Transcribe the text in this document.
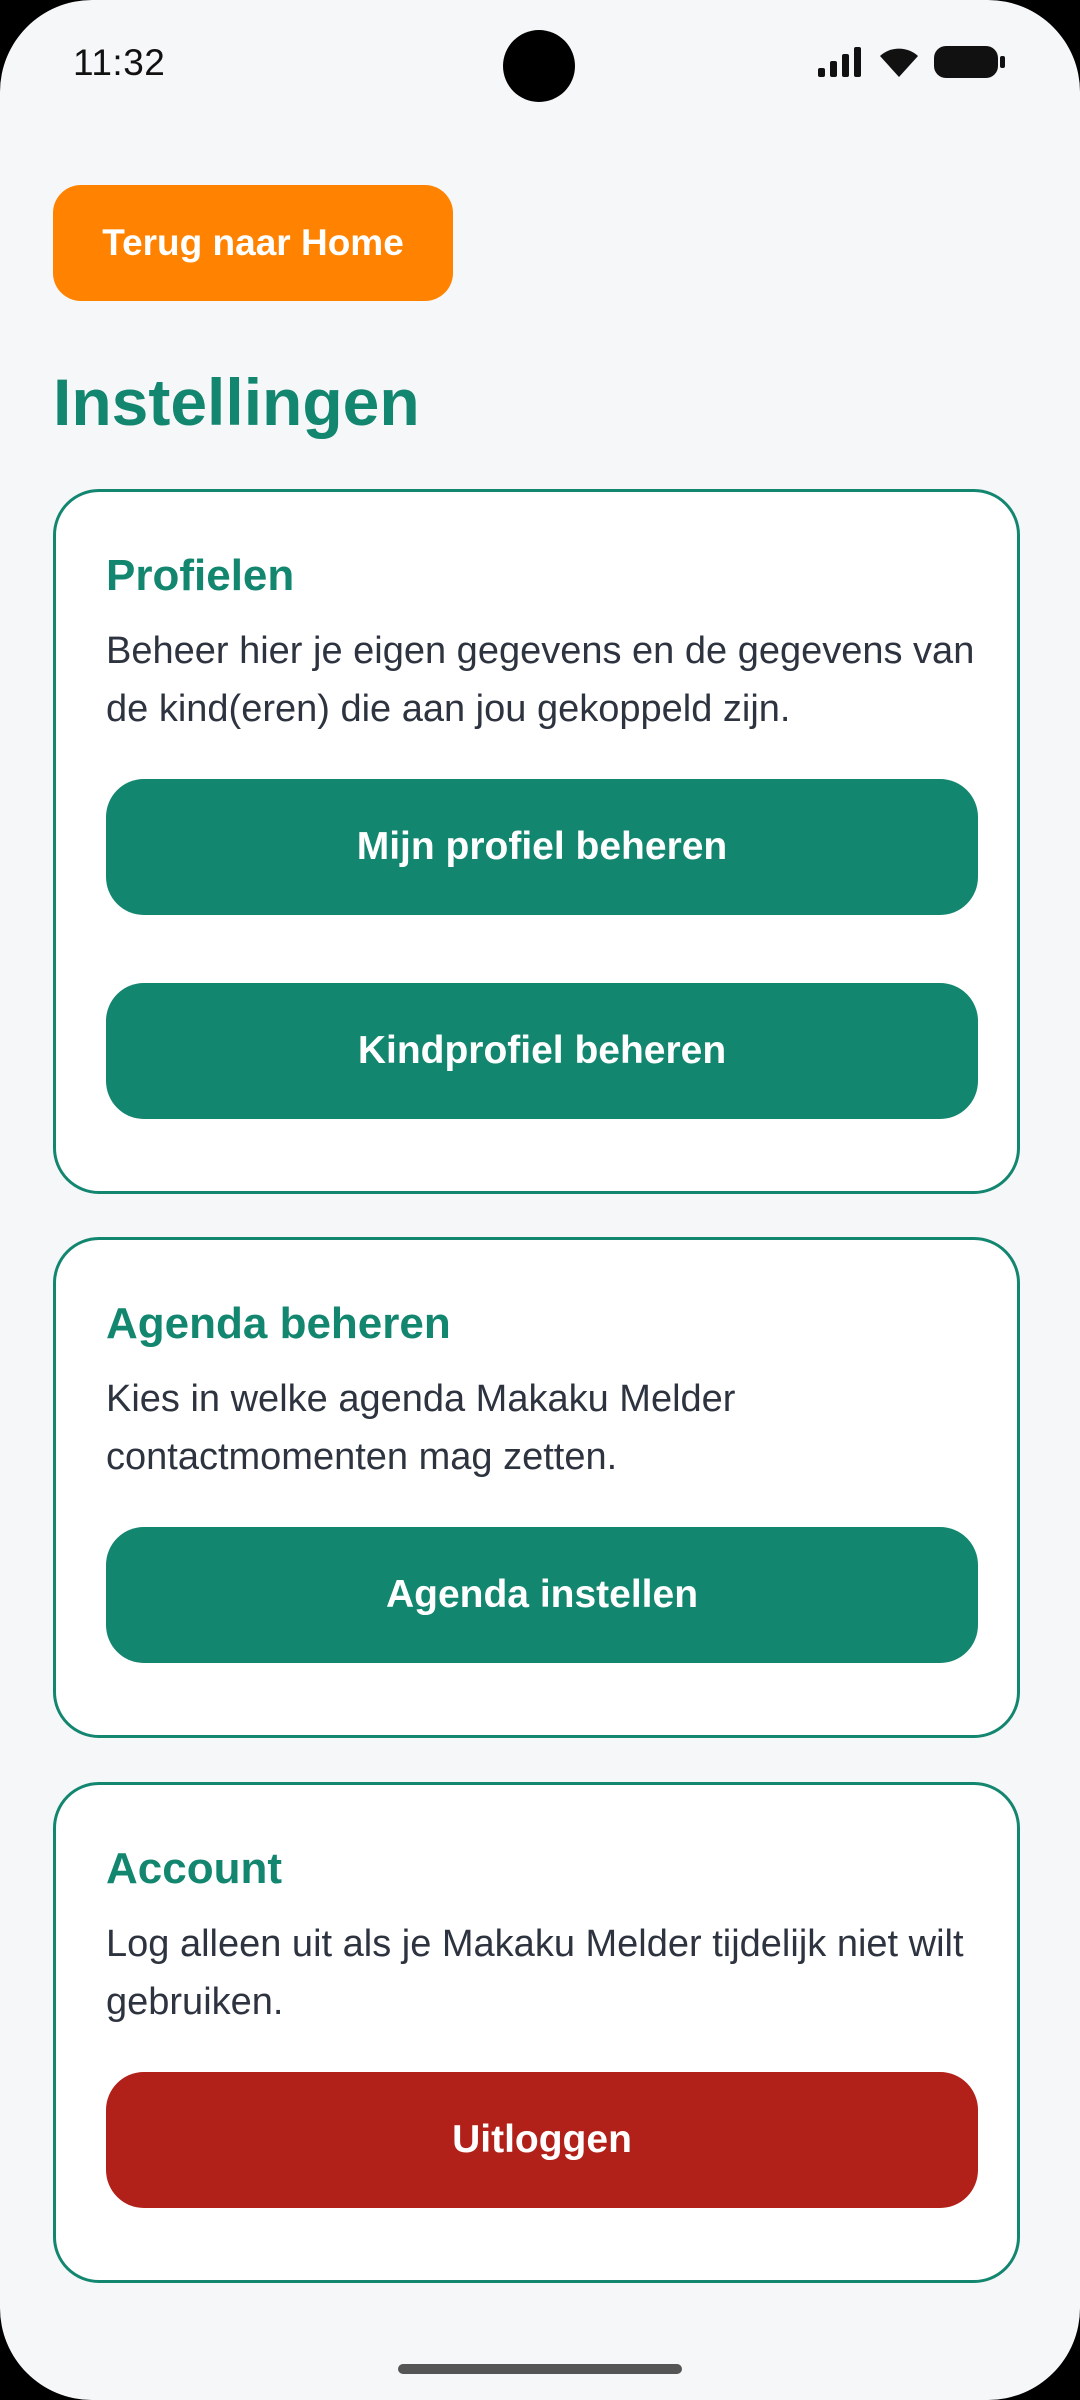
11:32
Terug naar Home
Instellingen
Profielen
Beheer hier je eigen gegevens en de gegevens van de kind(eren) die aan jou gekoppeld zijn.
Mijn profiel beheren
Kindprofiel beheren
Agenda beheren
Kies in welke agenda Makaku Melder contactmomenten mag zetten.
Agenda instellen
Account
Log alleen uit als je Makaku Melder tijdelijk niet wilt gebruiken.
Uitloggen
